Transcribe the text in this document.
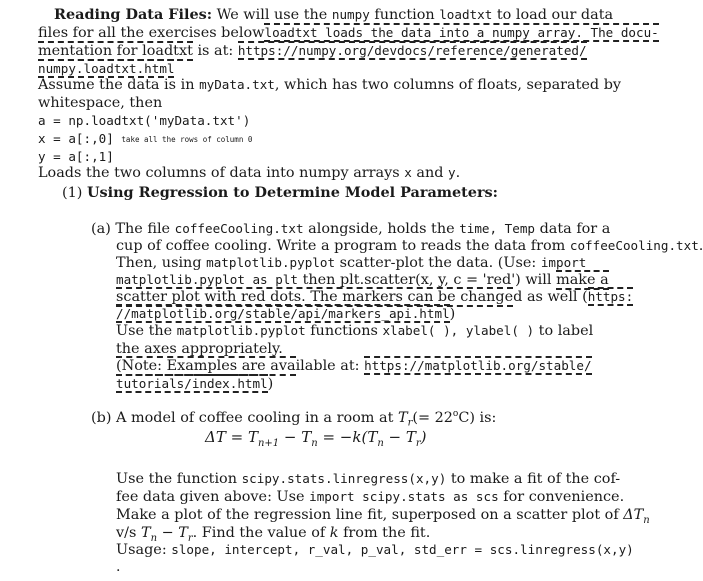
Reading Data Files: We will use the numpy function loadtxt to load our data
files for all the exercises belowloadtxt loads the data into a numpy array. The docu-
mentation for loadtxt is at: https://numpy.org/devdocs/reference/generated/
numpy.loadtxt.html
Assume the data is in myData.txt, which has two columns of floats, separated by
whitespace, then
a = np.loadtxt('myData.txt')
x = a[:,0] take all the rows of column 0
y = a[:,1]
Loads the two columns of data into numpy arrays x and y.
(1) Using Regression to Determine Model Parameters:
(a) The file coffeeCooling.txt alongside, holds the time, Temp data for a
cup of coffee cooling. Write a program to reads the data from coffeeCooling.txt.
Then, using matplotlib.pyplot scatter-plot the data. (Use: import
matplotlib.pyplot as plt then plt.scatter(x, y, c = 'red') will make a
scatter plot with red dots. The markers can be changed as well (https:
//matplotlib.org/stable/api/markers_api.html)
Use the matplotlib.pyplot functions xlabel( ), ylabel( ) to label
the axes appropriately.
(Note: Examples are available at: https://matplotlib.org/stable/
tutorials/index.html)
(b) A model of coffee cooling in a room at $T_r(= 22^oC)$ is:
$\Delta T = T_{n+1} - T_n = -k(T_n - T_r)$
Use the function scipy.stats.linregress(x,y) to make a fit of the cof-
fee data given above: Use import scipy.stats as scs for convenience.
Make a plot of the regression line fit, superposed on a scatter plot of $\Delta T_n$
v/s $T_n - T_r$. Find the value of k from the fit.
Usage: slope, intercept, r_val, p_val, std_err = scs.linregress(x,y)
.
